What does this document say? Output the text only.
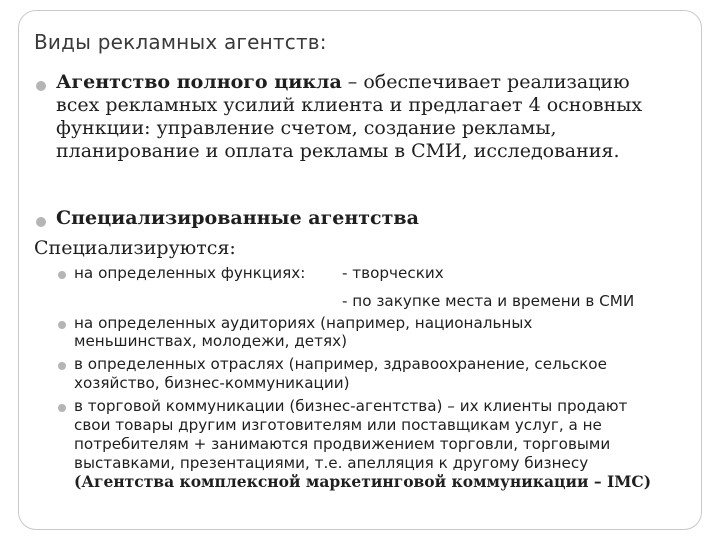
Виды рекламных агентств:
Агентство полного цикла – обеспечивает реализацию
всех рекламных усилий клиента и предлагает 4 основных
функции: управление счетом, создание рекламы,
планирование и оплата рекламы в СМИ, исследования.
Специализированные агентства
Специализируются:
на определенных функциях: - творческих
- по закупке места и времени в СМИ
на определенных аудиториях (например, национальных
меньшинствах, молодежи, детях)
в определенных отраслях (например, здравоохранение, сельское
хозяйство, бизнес-коммуникации)
в торговой коммуникации (бизнес-агентства) – их клиенты продают
свои товары другим изготовителям или поставщикам услуг, а не
потребителям + занимаются продвижением торговли, торговыми
выставками, презентациями, т.е. апелляция к другому бизнесу
(Агентства комплексной маркетинговой коммуникации – IMC)
